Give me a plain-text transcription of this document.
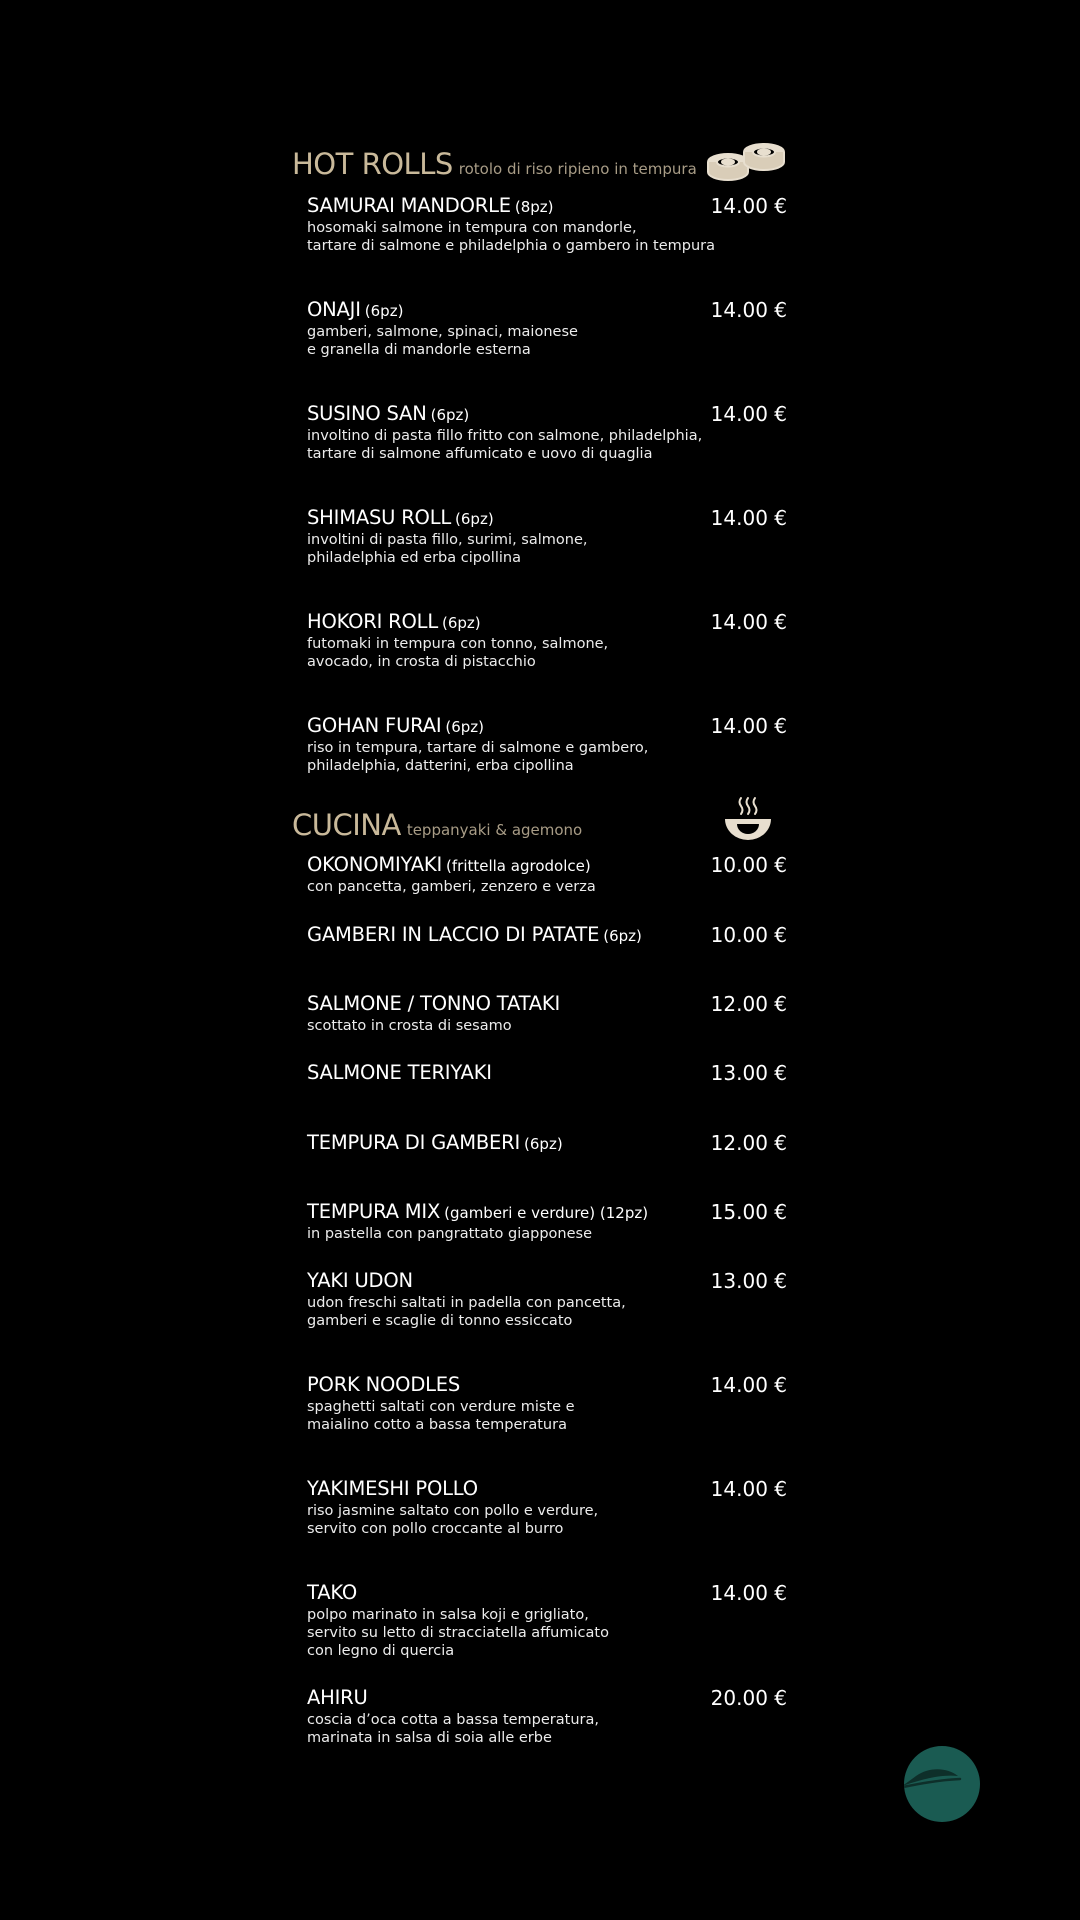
HOT ROLLS rotolo di riso ripieno in tempura
SAMURAI MANDORLE (8pz)	14.00 €
hosomaki salmone in tempura con mandorle,
tartare di salmone e philadelphia o gambero in tempura
ONAJI (6pz)	14.00 €
gamberi, salmone, spinaci, maionese
e granella di mandorle esterna
SUSINO SAN (6pz)	14.00 €
involtino di pasta fillo fritto con salmone, philadelphia,
tartare di salmone affumicato e uovo di quaglia
SHIMASU ROLL (6pz)	14.00 €
involtini di pasta fillo, surimi, salmone,
philadelphia ed erba cipollina
HOKORI ROLL (6pz)	14.00 €
futomaki in tempura con tonno, salmone,
avocado, in crosta di pistacchio
GOHAN FURAI (6pz)	14.00 €
riso in tempura, tartare di salmone e gambero,
philadelphia, datterini, erba cipollina
CUCINA teppanyaki & agemono
OKONOMIYAKI (frittella agrodolce)	10.00 €
con pancetta, gamberi, zenzero e verza
GAMBERI IN LACCIO DI PATATE (6pz)	10.00 €
SALMONE / TONNO TATAKI	12.00 €
scottato in crosta di sesamo
SALMONE TERIYAKI	13.00 €
TEMPURA DI GAMBERI (6pz)	12.00 €
TEMPURA MIX (gamberi e verdure) (12pz)	15.00 €
in pastella con pangrattato giapponese
YAKI UDON	13.00 €
udon freschi saltati in padella con pancetta,
gamberi e scaglie di tonno essiccato
PORK NOODLES	14.00 €
spaghetti saltati con verdure miste e
maialino cotto a bassa temperatura
YAKIMESHI POLLO	14.00 €
riso jasmine saltato con pollo e verdure,
servito con pollo croccante al burro
TAKO	14.00 €
polpo marinato in salsa koji e grigliato,
servito su letto di stracciatella affumicato
con legno di quercia
AHIRU	20.00 €
coscia d’oca cotta a bassa temperatura,
marinata in salsa di soia alle erbe
